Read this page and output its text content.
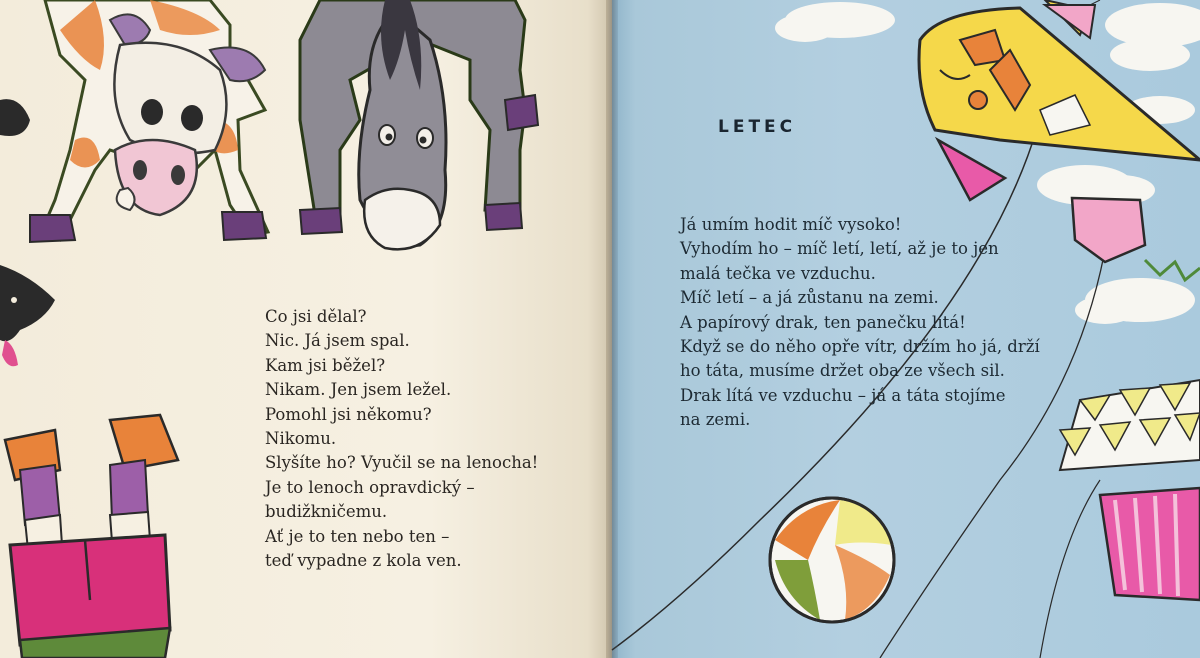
Co jsi dělal?
Nic. Já jsem spal.
Kam jsi běžel?
Nikam. Jen jsem ležel.
Pomohl jsi někomu?
Nikomu.
Slyšíte ho? Vyučil se na lenocha!
Je to lenoch opravdický –
budižkničemu.
Ať je to ten nebo ten –
teď vypadne z kola ven.
LETEC
Já umím hodit míč vysoko!
Vyhodím ho – míč letí, letí, až je to jen
malá tečka ve vzduchu.
Míč letí – a já zůstanu na zemi.
A papírový drak, ten panečku lítá!
Když se do něho opře vítr, držím ho já, drží
ho táta, musíme držet oba ze všech sil.
Drak lítá ve vzduchu – já a táta stojíme
na zemi.
